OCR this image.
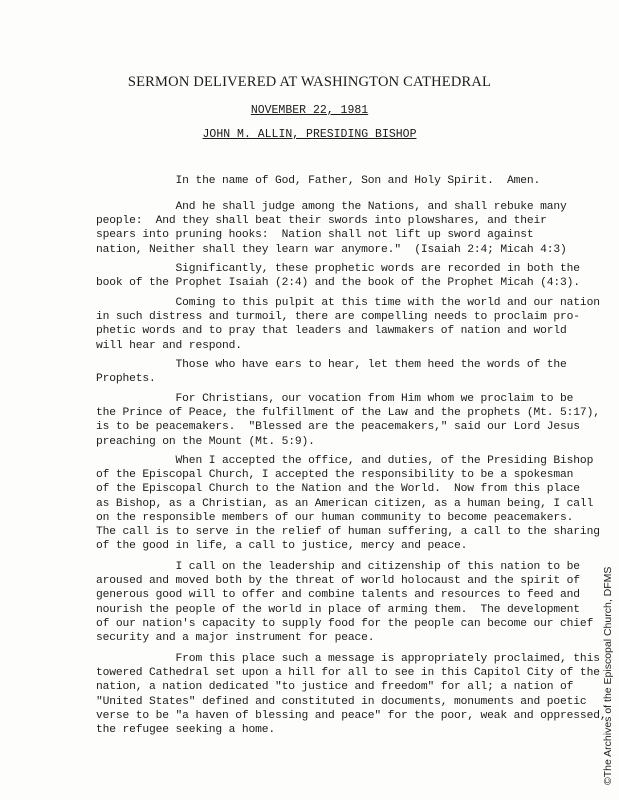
SERMON DELIVERED AT WASHINGTON CATHEDRAL
NOVEMBER 22, 1981
JOHN M. ALLIN, PRESIDING BISHOP

In the name of God, Father, Son and Holy Spirit.  Amen.

And he shall judge among the Nations, and shall rebuke many
people:  And they shall beat their swords into plowshares, and their
spears into pruning hooks:  Nation shall not lift up sword against
nation, Neither shall they learn war anymore."  (Isaiah 2:4; Micah 4:3)

Significantly, these prophetic words are recorded in both the
book of the Prophet Isaiah (2:4) and the book of the Prophet Micah (4:3).

Coming to this pulpit at this time with the world and our nation
in such distress and turmoil, there are compelling needs to proclaim pro-
phetic words and to pray that leaders and lawmakers of nation and world
will hear and respond.

Those who have ears to hear, let them heed the words of the
Prophets.

For Christians, our vocation from Him whom we proclaim to be
the Prince of Peace, the fulfillment of the Law and the prophets (Mt. 5:17),
is to be peacemakers.  "Blessed are the peacemakers," said our Lord Jesus
preaching on the Mount (Mt. 5:9).

When I accepted the office, and duties, of the Presiding Bishop
of the Episcopal Church, I accepted the responsibility to be a spokesman
of the Episcopal Church to the Nation and the World.  Now from this place
as Bishop, as a Christian, as an American citizen, as a human being, I call
on the responsible members of our human community to become peacemakers.
The call is to serve in the relief of human suffering, a call to the sharing
of the good in life, a call to justice, mercy and peace.

I call on the leadership and citizenship of this nation to be
aroused and moved both by the threat of world holocaust and the spirit of
generous good will to offer and combine talents and resources to feed and
nourish the people of the world in place of arming them.  The development
of our nation's capacity to supply food for the people can become our chief
security and a major instrument for peace.

From this place such a message is appropriately proclaimed, this
towered Cathedral set upon a hill for all to see in this Capitol City of the
nation, a nation dedicated "to justice and freedom" for all; a nation of
"United States" defined and constituted in documents, monuments and poetic
verse to be "a haven of blessing and peace" for the poor, weak and oppressed,
the refugee seeking a home.	©The Archives of the Episcopal Church, DFMS
